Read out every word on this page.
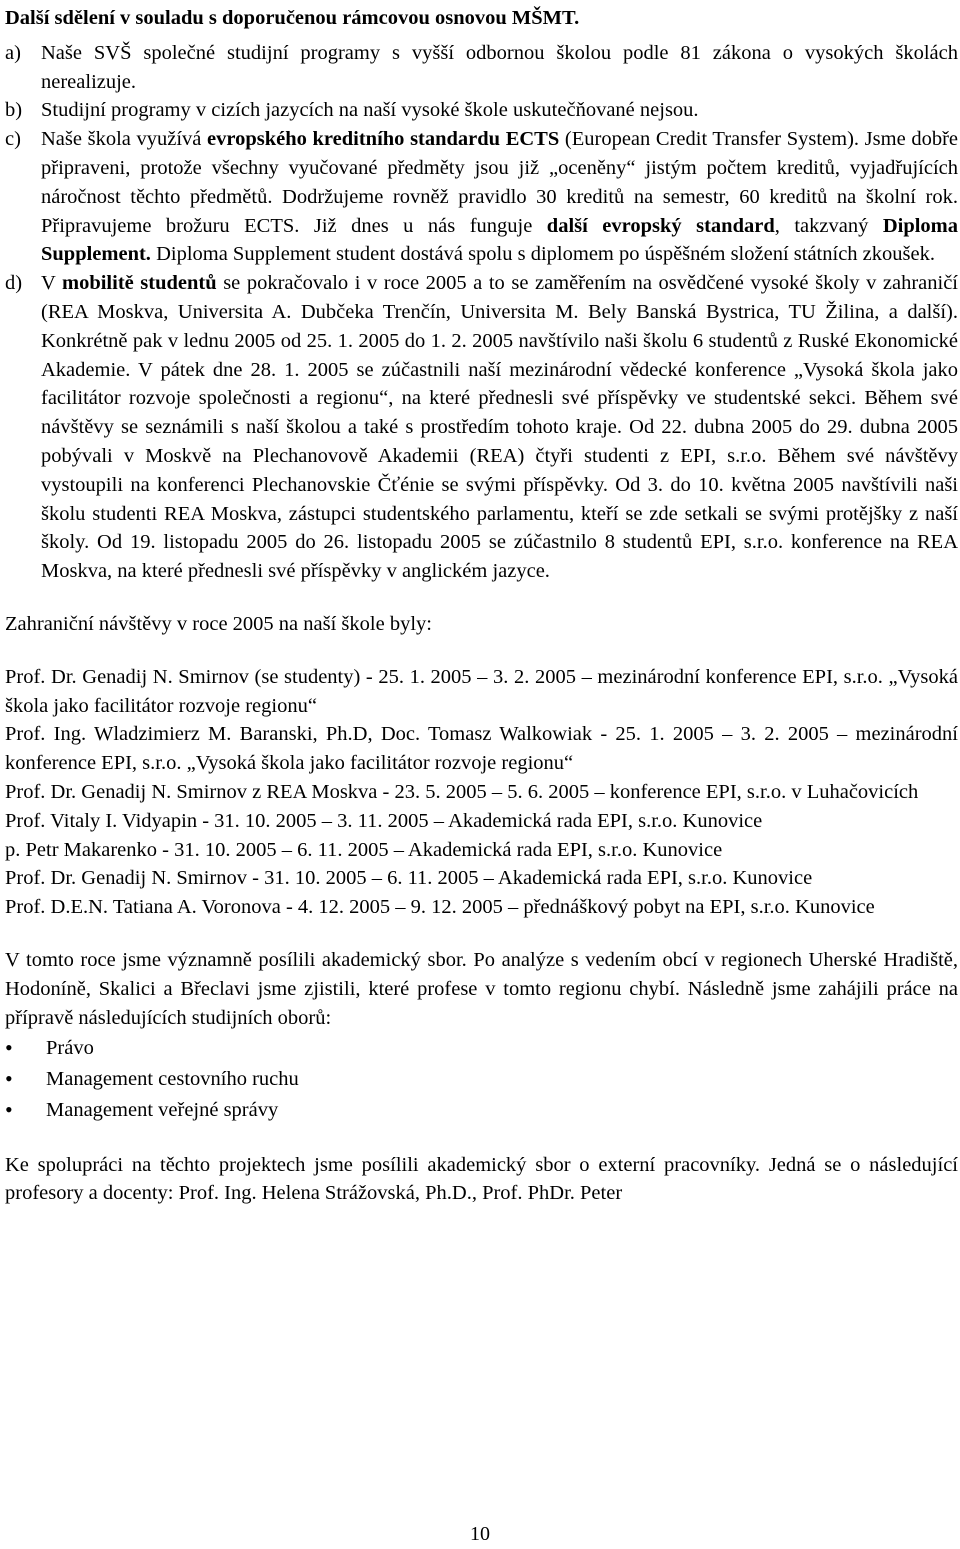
Další sdělení v souladu s doporučenou rámcovou osnovou MŠMT.

a) Naše SVŠ společné studijní programy s vyšší odbornou školou podle 81 zákona o vysokých školách nerealizuje.
b) Studijní programy v cizích jazycích na naší vysoké škole uskutečňované nejsou.
c) Naše škola využívá evropského kreditního standardu ECTS (European Credit Transfer System). Jsme dobře připraveni, protože všechny vyučované předměty jsou již „oceněny“ jistým počtem kreditů, vyjadřujících náročnost těchto předmětů. Dodržujeme rovněž pravidlo 30 kreditů na semestr, 60 kreditů na školní rok. Připravujeme brožuru ECTS. Již dnes u nás funguje další evropský standard, takzvaný Diploma Supplement. Diploma Supplement student dostává spolu s diplomem po úspěšném složení státních zkoušek.
d) V mobilitě studentů se pokračovalo i v roce 2005 a to se zaměřením na osvědčené vysoké školy v zahraničí (REA Moskva, Universita A. Dubčeka Trenčín, Universita M. Bely Banská Bystrica, TU Žilina, a další). Konkrétně pak v lednu 2005 od 25. 1. 2005 do 1. 2. 2005 navštívilo naši školu 6 studentů z Ruské Ekonomické Akademie. V pátek dne 28. 1. 2005 se zúčastnili naší mezinárodní vědecké konference „Vysoká škola jako facilitátor rozvoje společnosti a regionu“, na které přednesli své příspěvky ve studentské sekci. Během své návštěvy se seznámili s naší školou a také s prostředím tohoto kraje. Od 22. dubna 2005 do 29. dubna 2005 pobývali v Moskvě na Plechanovově Akademii (REA) čtyři studenti z EPI, s.r.o. Během své návštěvy vystoupili na konferenci Plechanovskie Čťénie se svými příspěvky. Od 3. do 10. května 2005 navštívili naši školu studenti REA Moskva, zástupci studentského parlamentu, kteří se zde setkali se svými protějšky z naší školy. Od 19. listopadu 2005 do 26. listopadu 2005 se zúčastnilo 8 studentů EPI, s.r.o. konference na REA Moskva, na které přednesli své příspěvky v anglickém jazyce.

Zahraniční návštěvy v roce 2005 na naší škole byly:

Prof. Dr. Genadij N. Smirnov (se studenty) - 25. 1. 2005 – 3. 2. 2005 – mezinárodní konference EPI, s.r.o. „Vysoká škola jako facilitátor rozvoje regionu“

Prof. Ing. Wladzimierz M. Baranski, Ph.D, Doc. Tomasz Walkowiak - 25. 1. 2005 – 3. 2. 2005 – mezinárodní konference EPI, s.r.o. „Vysoká škola jako facilitátor rozvoje regionu“

Prof. Dr. Genadij N. Smirnov z REA Moskva - 23. 5. 2005 – 5. 6. 2005 – konference EPI, s.r.o. v Luhačovicích

Prof. Vitaly I. Vidyapin - 31. 10. 2005 – 3. 11. 2005 – Akademická rada EPI, s.r.o. Kunovice

p. Petr Makarenko - 31. 10. 2005 – 6. 11. 2005 – Akademická rada EPI, s.r.o. Kunovice

Prof. Dr. Genadij N. Smirnov - 31. 10. 2005 – 6. 11. 2005 – Akademická rada EPI, s.r.o. Kunovice

Prof. D.E.N. Tatiana A. Voronova - 4. 12. 2005 – 9. 12. 2005 – přednáškový pobyt na EPI, s.r.o. Kunovice

V tomto roce jsme významně posílili akademický sbor. Po analýze s vedením obcí v regionech Uherské Hradiště, Hodoníně, Skalici a Břeclavi jsme zjistili, které profese v tomto regionu chybí. Následně jsme zahájili práce na přípravě následujících studijních oborů:

•	Právo
•	Management cestovního ruchu
•	Management veřejné správy

Ke spolupráci na těchto projektech jsme posílili akademický sbor o externí pracovníky. Jedná se o následující profesory a docenty: Prof. Ing. Helena Strážovská, Ph.D., Prof. PhDr. Peter

10
